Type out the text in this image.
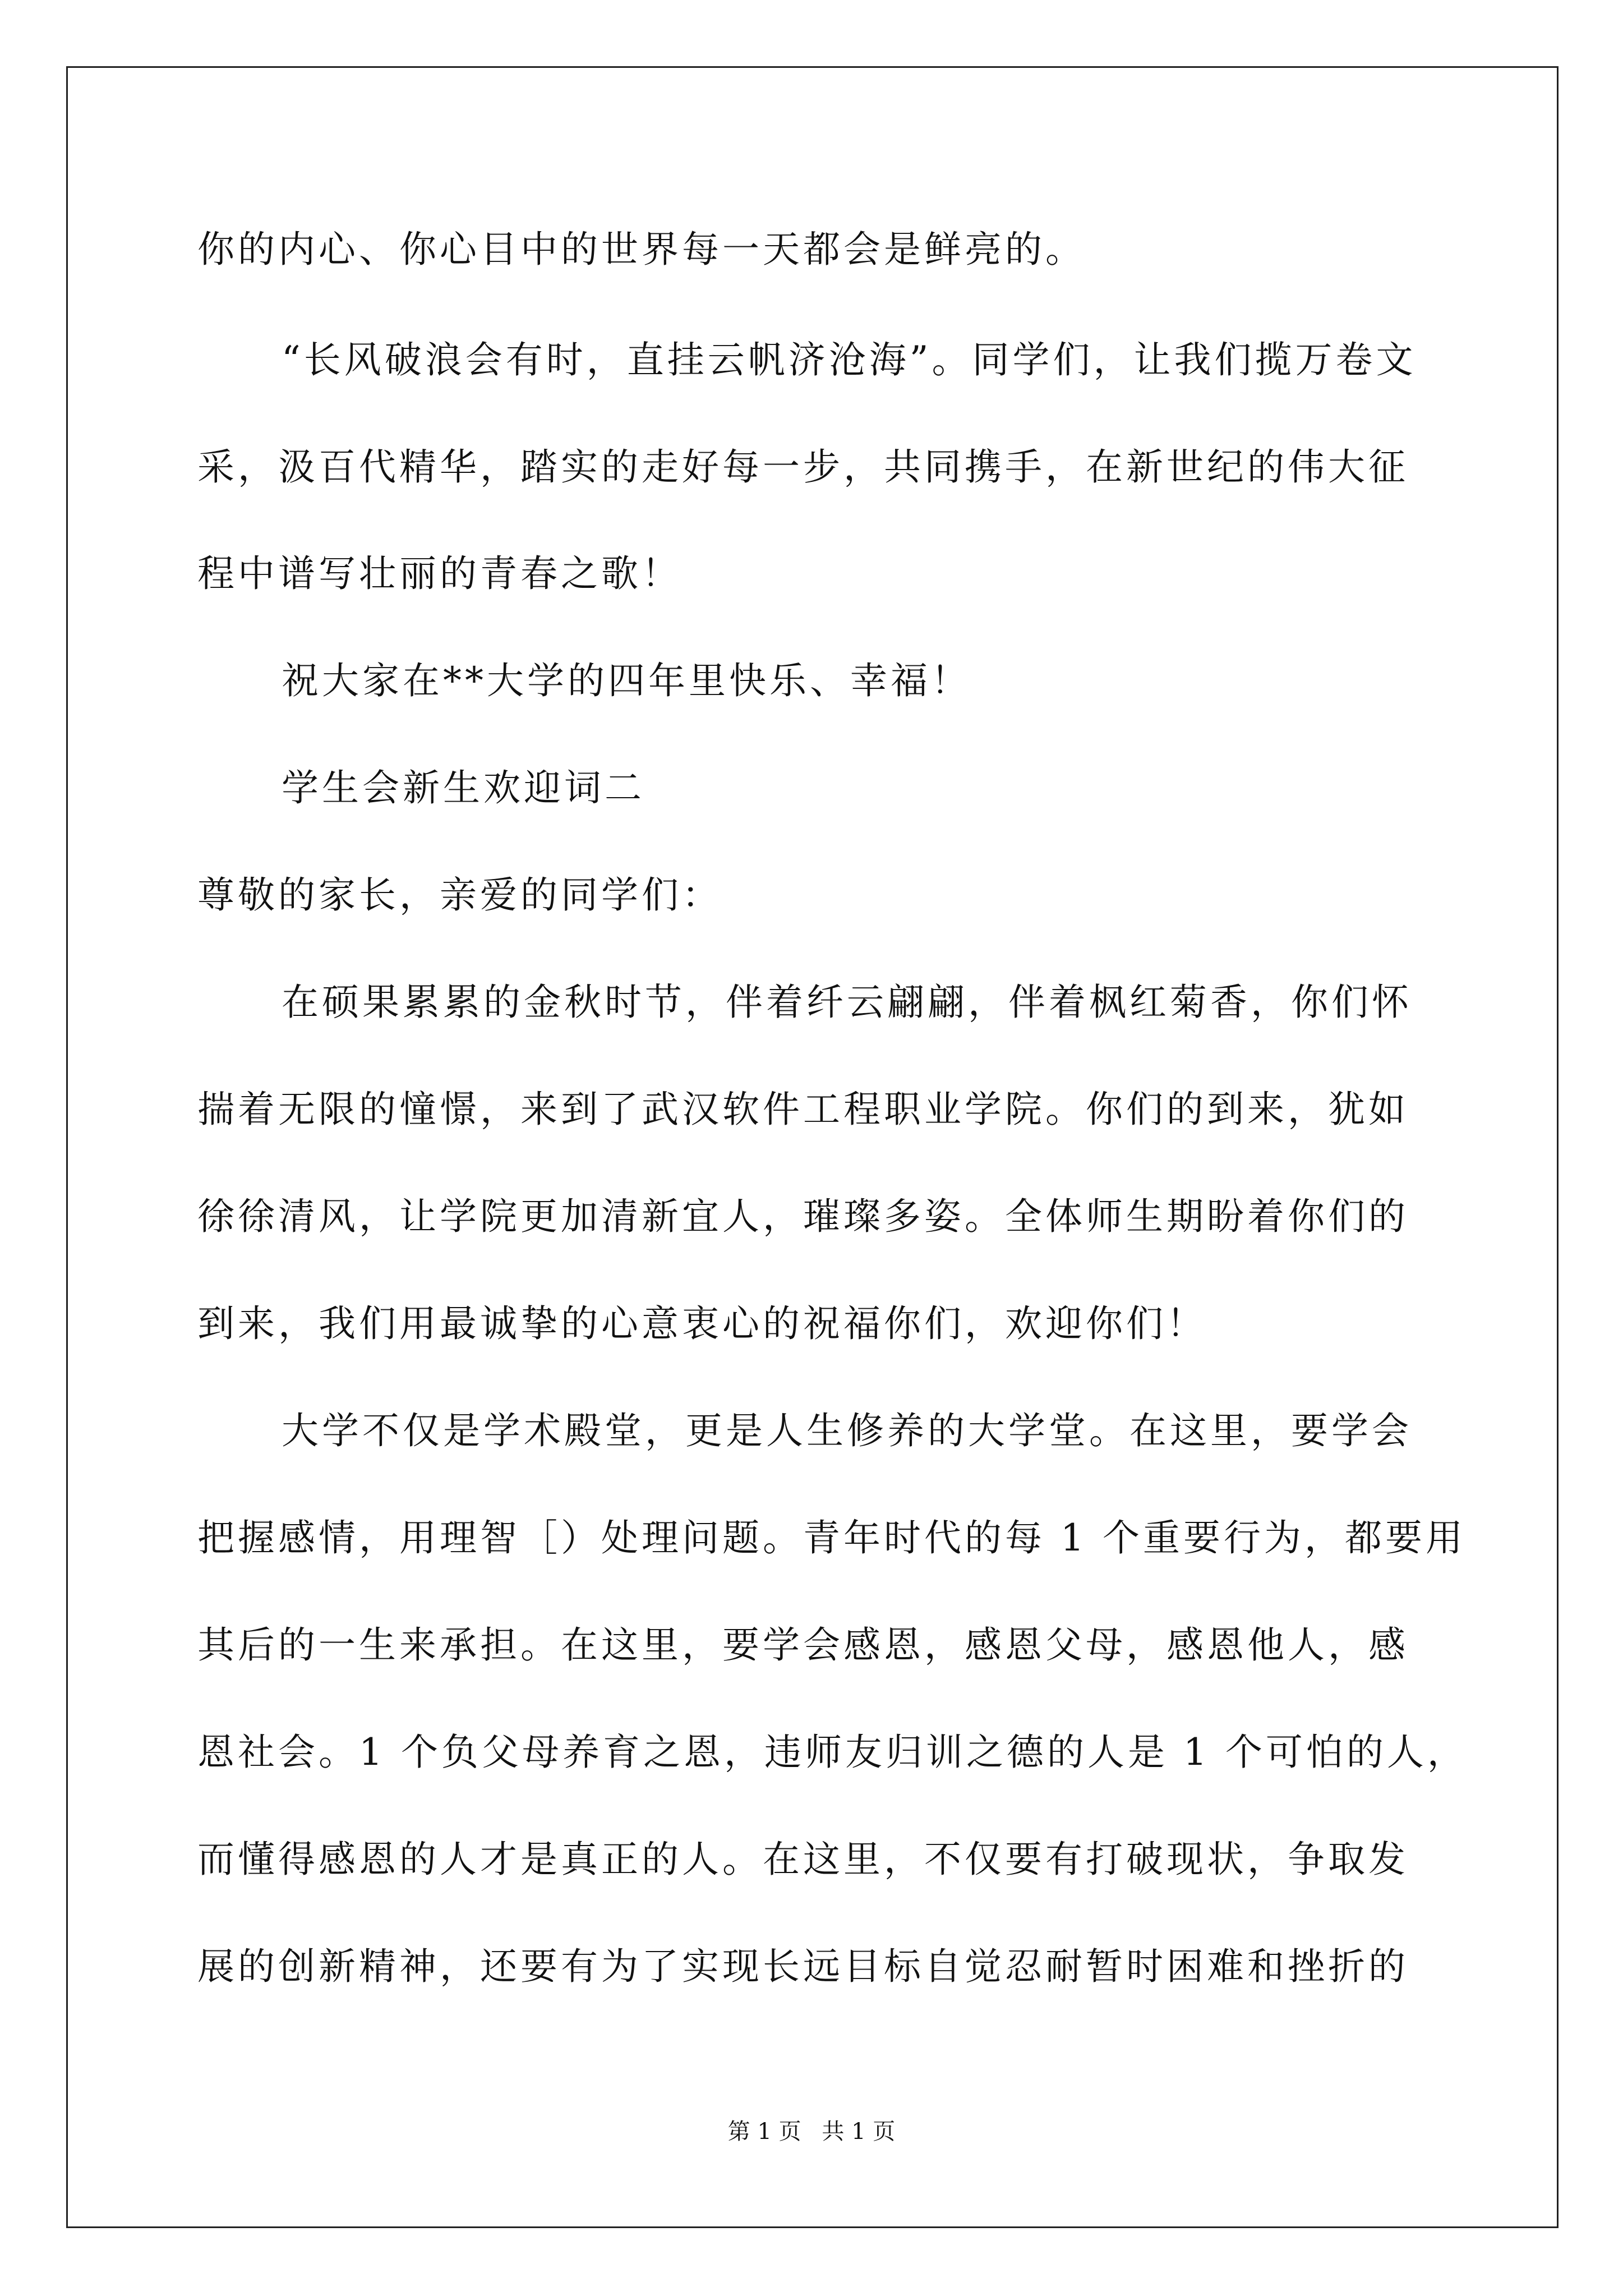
你的内心、你心目中的世界每一天都会是鲜亮的。
“长风破浪会有时，直挂云帆济沧海”。同学们，让我们揽万卷文
采，汲百代精华，踏实的走好每一步，共同携手，在新世纪的伟大征
程中谱写壮丽的青春之歌！
祝大家在**大学的四年里快乐、幸福！
学生会新生欢迎词二
尊敬的家长，亲爱的同学们：
在硕果累累的金秋时节，伴着纤云翩翩，伴着枫红菊香，你们怀
揣着无限的憧憬，来到了武汉软件工程职业学院。你们的到来，犹如
徐徐清风，让学院更加清新宜人，璀璨多姿。全体师生期盼着你们的
到来，我们用最诚挚的心意衷心的祝福你们，欢迎你们！
大学不仅是学术殿堂，更是人生修养的大学堂。在这里，要学会
把握感情，用理智［）处理问题。青年时代的每 1 个重要行为，都要用
其后的一生来承担。在这里，要学会感恩，感恩父母，感恩他人，感
恩社会。1 个负父母养育之恩，违师友归训之德的人是 1 个可怕的人，
而懂得感恩的人才是真正的人。在这里，不仅要有打破现状，争取发
展的创新精神，还要有为了实现长远目标自觉忍耐暂时困难和挫折的
第 1 页 共 1 页
